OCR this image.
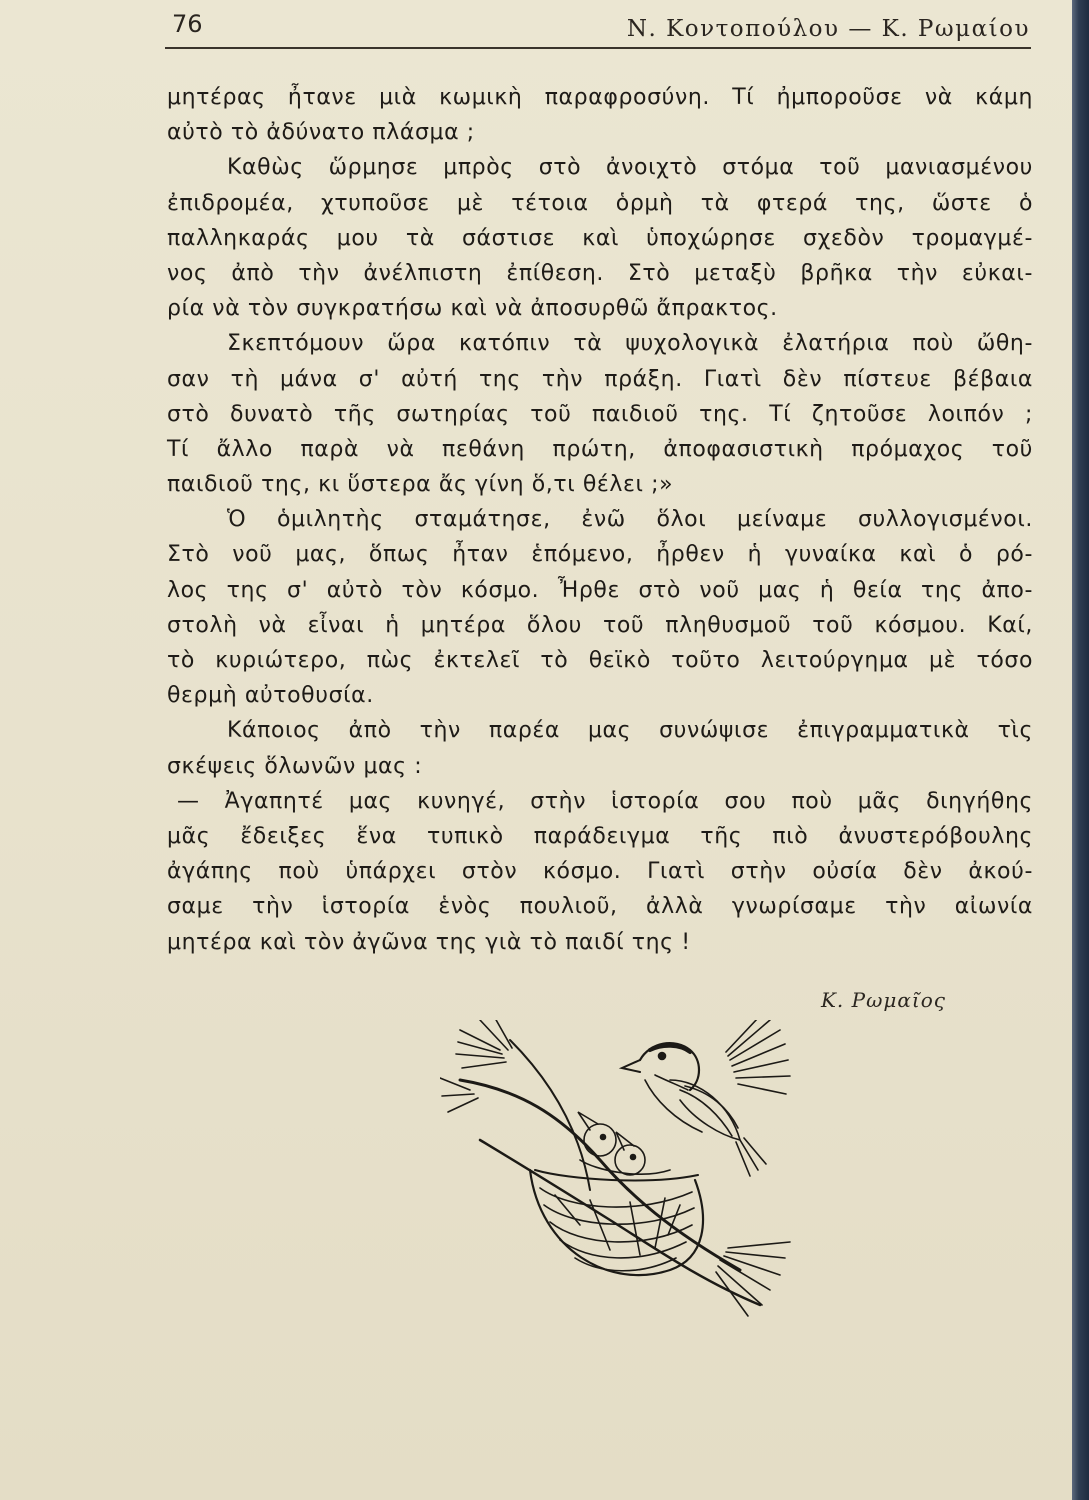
76	Ν. Κοντοπούλου — Κ. Ρωμαίου
μητέρας ἦτανε μιὰ κωμικὴ παραφροσύνη. Τί ἠμποροῦσε νὰ κάμη
αὐτὸ τὸ ἀδύνατο πλάσμα ;
Καθὼς ὥρμησε μπρὸς στὸ ἀνοιχτὸ στόμα τοῦ μανιασμένου
ἐπιδρομέα, χτυποῦσε μὲ τέτοια ὁρμὴ τὰ φτερά της, ὥστε ὁ
παλληκαράς μου τὰ σάστισε καὶ ὑποχώρησε σχεδὸν τρομαγμέ-
νος ἀπὸ τὴν ἀνέλπιστη ἐπίθεση. Στὸ μεταξὺ βρῆκα τὴν εὐκαι-
ρία νὰ τὸν συγκρατήσω καὶ νὰ ἀποσυρθῶ ἄπρακτος.
Σκεπτόμουν ὥρα κατόπιν τὰ ψυχολογικὰ ἐλατήρια ποὺ ὤθη-
σαν τὴ μάνα σ' αὐτή της τὴν πράξη. Γιατὶ δὲν πίστευε βέβαια
στὸ δυνατὸ τῆς σωτηρίας τοῦ παιδιοῦ της. Τί ζητοῦσε λοιπόν ;
Τί ἄλλο παρὰ νὰ πεθάνη πρώτη, ἀποφασιστικὴ πρόμαχος τοῦ
παιδιοῦ της, κι ὕστερα ἄς γίνη ὅ,τι θέλει ;»
Ὁ ὁμιλητὴς σταμάτησε, ἐνῶ ὅλοι μείναμε συλλογισμένοι.
Στὸ νοῦ μας, ὅπως ἦταν ἑπόμενο, ἦρθεν ἡ γυναίκα καὶ ὁ ρό-
λος της σ' αὐτὸ τὸν κόσμο. Ἦρθε στὸ νοῦ μας ἡ θεία της ἀπο-
στολὴ νὰ εἶναι ἡ μητέρα ὅλου τοῦ πληθυσμοῦ τοῦ κόσμου. Καί,
τὸ κυριώτερο, πὼς ἐκτελεῖ τὸ θεϊκὸ τοῦτο λειτούργημα μὲ τόσο
θερμὴ αὐτοθυσία.
Κάποιος ἀπὸ τὴν παρέα μας συνώψισε ἐπιγραμματικὰ τὶς
σκέψεις ὅλωνῶν μας :
— Ἀγαπητέ μας κυνηγέ, στὴν ἱστορία σου ποὺ μᾶς διηγήθης
μᾶς ἔδειξες ἕνα τυπικὸ παράδειγμα τῆς πιὸ ἀνυστερόβουλης
ἀγάπης ποὺ ὑπάρχει στὸν κόσμο. Γιατὶ στὴν οὐσία δὲν ἀκού-
σαμε τὴν ἱστορία ἑνὸς πουλιοῦ, ἀλλὰ γνωρίσαμε τὴν αἰωνία
μητέρα καὶ τὸν ἀγῶνα της γιὰ τὸ παιδί της !
Κ. Ρωμαῖος
